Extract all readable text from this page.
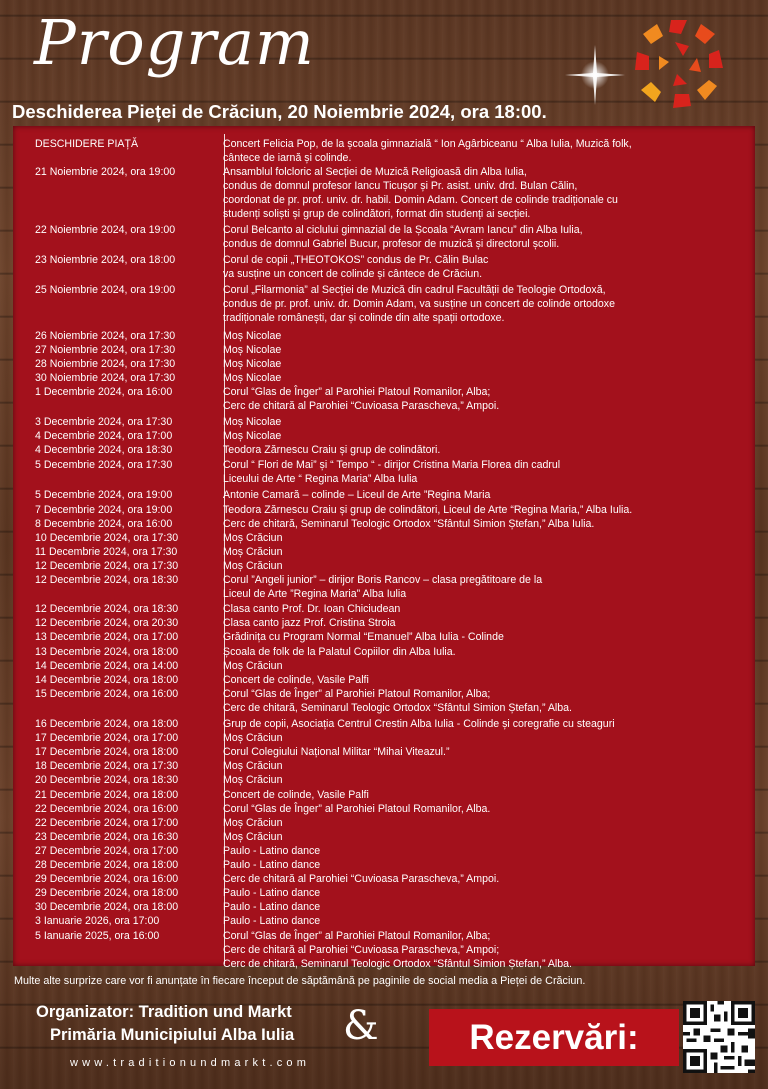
Program
Deschiderea Pieței de Crăciun, 20 Noiembrie 2024, ora 18:00.
DESCHIDERE PIAȚĂ	Concert Felicia Pop, de la școala gimnazială “ Ion Agârbiceanu “ Alba Iulia, Muzică folk,
cântece de iarnă și colinde.
21 Noiembrie 2024, ora 19:00	Ansamblul folcloric al Secției de Muzică Religioasă din Alba Iulia,
condus de domnul profesor Iancu Ticușor și Pr. asist. univ. drd. Bulan Călin,
coordonat de pr. prof. univ. dr. habil. Domin Adam. Concert de colinde tradiționale cu
studenți soliști și grup de colindători, format din studenți ai secției.
22 Noiembrie 2024, ora 19:00	Corul Belcanto al ciclului gimnazial de la Școala “Avram Iancu” din Alba Iulia,
condus de domnul Gabriel Bucur, profesor de muzică și directorul școlii.
23 Noiembrie 2024, ora 18:00	Corul de copii „THEOTOKOS” condus de Pr. Călin Bulac
va susține un concert de colinde și cântece de Crăciun.
25 Noiembrie 2024, ora 19:00	Corul „Filarmonia” al Secției de Muzică din cadrul Facultății de Teologie Ortodoxă,
condus de pr. prof. univ. dr. Domin Adam, va susține un concert de colinde ortodoxe
tradiționale românești, dar și colinde din alte spații ortodoxe.
26 Noiembrie 2024, ora 17:30	Moș Nicolae
27 Noiembrie 2024, ora 17:30	Moș Nicolae
28 Noiembrie 2024, ora 17:30	Moș Nicolae
30 Noiembrie 2024, ora 17:30	Moș Nicolae
1 Decembrie 2024, ora 16:00	Corul “Glas de Înger” al Parohiei Platoul Romanilor, Alba;
Cerc de chitară al Parohiei “Cuvioasa Parascheva,” Ampoi.
3 Decembrie 2024, ora 17:30	Moș Nicolae
4 Decembrie 2024, ora 17:00	Moș Nicolae
4 Decembrie 2024, ora 18:30	Teodora Zărnescu Craiu și grup de colindători.
5 Decembrie 2024, ora 17:30	Corul “ Flori de Mai” și “ Tempo “ - dirijor Cristina Maria Florea din cadrul
Liceului de Arte “ Regina Maria” Alba Iulia
5 Decembrie 2024, ora 19:00	Antonie Camară – colinde – Liceul de Arte ”Regina Maria
7 Decembrie 2024, ora 19:00	Teodora Zărnescu Craiu și grup de colindători, Liceul de Arte “Regina Maria,” Alba Iulia.
8 Decembrie 2024, ora 16:00	Cerc de chitară, Seminarul Teologic Ortodox “Sfântul Simion Ștefan,” Alba Iulia.
10 Decembrie 2024, ora 17:30	Moș Crăciun
11 Decembrie 2024, ora 17:30	Moș Crăciun
12 Decembrie 2024, ora 17:30	Moș Crăciun
12 Decembrie 2024, ora 18:30	Corul ”Angeli junior” – dirijor Boris Rancov – clasa pregătitoare de la
Liceul de Arte ”Regina Maria” Alba Iulia
12 Decembrie 2024, ora 18:30	Clasa canto Prof. Dr. Ioan Chiciudean
12 Decembrie 2024, ora 20:30	Clasa canto jazz Prof. Cristina Stroia
13 Decembrie 2024, ora 17:00	Grădinița cu Program Normal “Emanuel” Alba Iulia - Colinde
13 Decembrie 2024, ora 18:00	Școala de folk de la Palatul Copiilor din Alba Iulia.
14 Decembrie 2024, ora 14:00	Moș Crăciun
14 Decembrie 2024, ora 18:00	Concert de colinde, Vasile Palfi
15 Decembrie 2024, ora 16:00	Corul “Glas de Înger” al Parohiei Platoul Romanilor, Alba;
Cerc de chitară, Seminarul Teologic Ortodox “Sfântul Simion Ștefan,” Alba.
16 Decembrie 2024, ora 18:00	Grup de copii, Asociația Centrul Crestin Alba Iulia - Colinde și coregrafie cu steaguri
17 Decembrie 2024, ora 17:00	Moș Crăciun
17 Decembrie 2024, ora 18:00	Corul Colegiului Național Militar “Mihai Viteazul.”
18 Decembrie 2024, ora 17:30	Moș Crăciun
20 Decembrie 2024, ora 18:30	Moș Crăciun
21 Decembrie 2024, ora 18:00	Concert de colinde, Vasile Palfi
22 Decembrie 2024, ora 16:00	Corul “Glas de Înger” al Parohiei Platoul Romanilor, Alba.
22 Decembrie 2024, ora 17:00	Moș Crăciun
23 Decembrie 2024, ora 16:30	Moș Crăciun
27 Decembrie 2024, ora 17:00	Paulo - Latino dance
28 Decembrie 2024, ora 18:00	Paulo - Latino dance
29 Decembrie 2024, ora 16:00	Cerc de chitară al Parohiei “Cuvioasa Parascheva,” Ampoi.
29 Decembrie 2024, ora 18:00	Paulo - Latino dance
30 Decembrie 2024, ora 18:00	Paulo - Latino dance
3 Ianuarie 2026, ora 17:00	Paulo - Latino dance
5 Ianuarie 2025, ora 16:00	Corul “Glas de Înger” al Parohiei Platoul Romanilor, Alba;
Cerc de chitară al Parohiei “Cuvioasa Parascheva,” Ampoi;
Cerc de chitară, Seminarul Teologic Ortodox “Sfântul Simion Ștefan,” Alba.
Multe alte surprize care vor fi anunțate în fiecare început de săptămână pe paginile de social media a Pieței de Crăciun.
Organizator: Tradition und Markt
Primăria Municipiului Alba Iulia &
www.traditionundmarkt.com
Rezervări:
